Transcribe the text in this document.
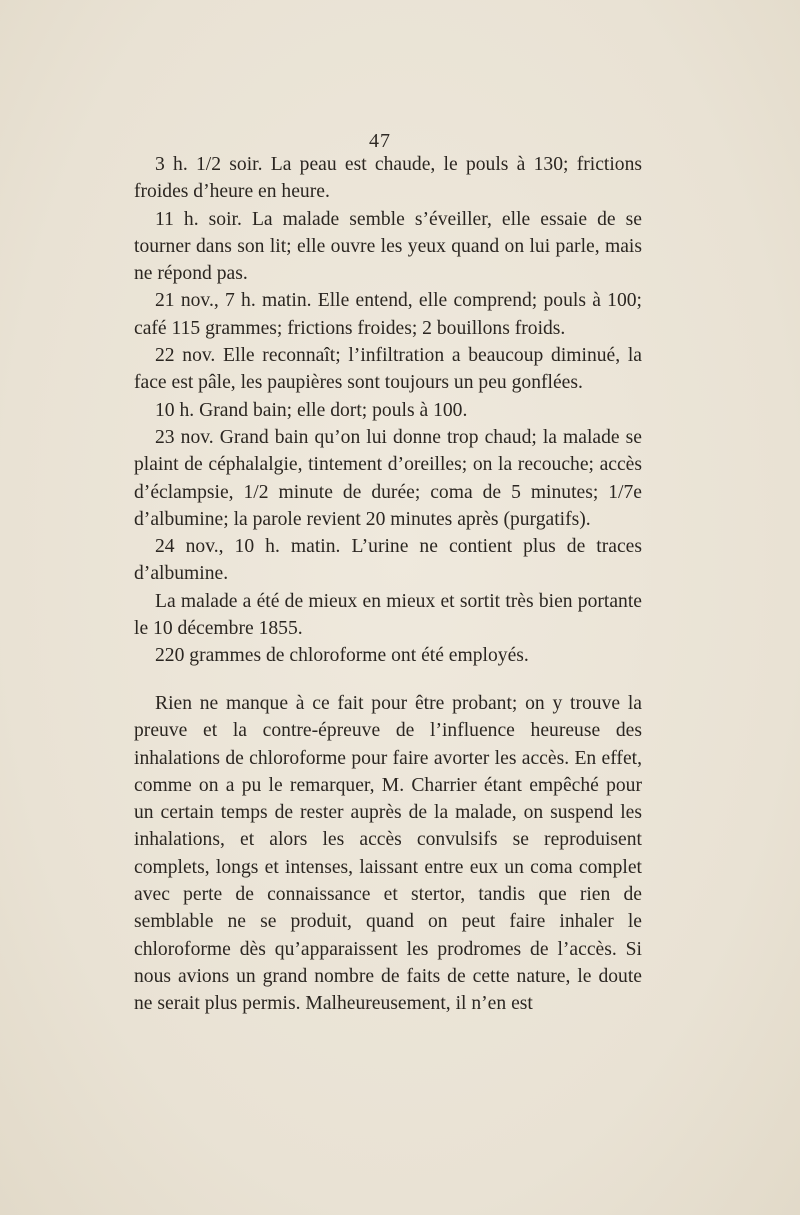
47

3 h. 1/2 soir. La peau est chaude, le pouls à 130; frictions froides d’heure en heure.

11 h. soir. La malade semble s’éveiller, elle essaie de se tourner dans son lit; elle ouvre les yeux quand on lui parle, mais ne répond pas.

21 nov., 7 h. matin. Elle entend, elle comprend; pouls à 100; café 115 grammes; frictions froides; 2 bouillons froids.

22 nov. Elle reconnaît; l’infiltration a beaucoup diminué, la face est pâle, les paupières sont toujours un peu gonflées.

10 h. Grand bain; elle dort; pouls à 100.

23 nov. Grand bain qu’on lui donne trop chaud; la malade se plaint de céphalalgie, tintement d’oreilles; on la recouche; accès d’éclampsie, 1/2 minute de durée; coma de 5 minutes; 1/7e d’albumine; la parole revient 20 minutes après (purgatifs).

24 nov., 10 h. matin. L’urine ne contient plus de traces d’albumine.

La malade a été de mieux en mieux et sortit très bien portante le 10 décembre 1855.

220 grammes de chloroforme ont été employés.

Rien ne manque à ce fait pour être probant; on y trouve la preuve et la contre-épreuve de l’influence heureuse des inhalations de chloroforme pour faire avorter les accès. En effet, comme on a pu le remarquer, M. Charrier étant empêché pour un certain temps de rester auprès de la malade, on suspend les inhalations, et alors les accès convulsifs se reproduisent complets, longs et intenses, laissant entre eux un coma complet avec perte de connaissance et stertor, tandis que rien de semblable ne se produit, quand on peut faire inhaler le chloroforme dès qu’apparaissent les prodromes de l’accès. Si nous avions un grand nombre de faits de cette nature, le doute ne serait plus permis. Malheureusement, il n’en est
